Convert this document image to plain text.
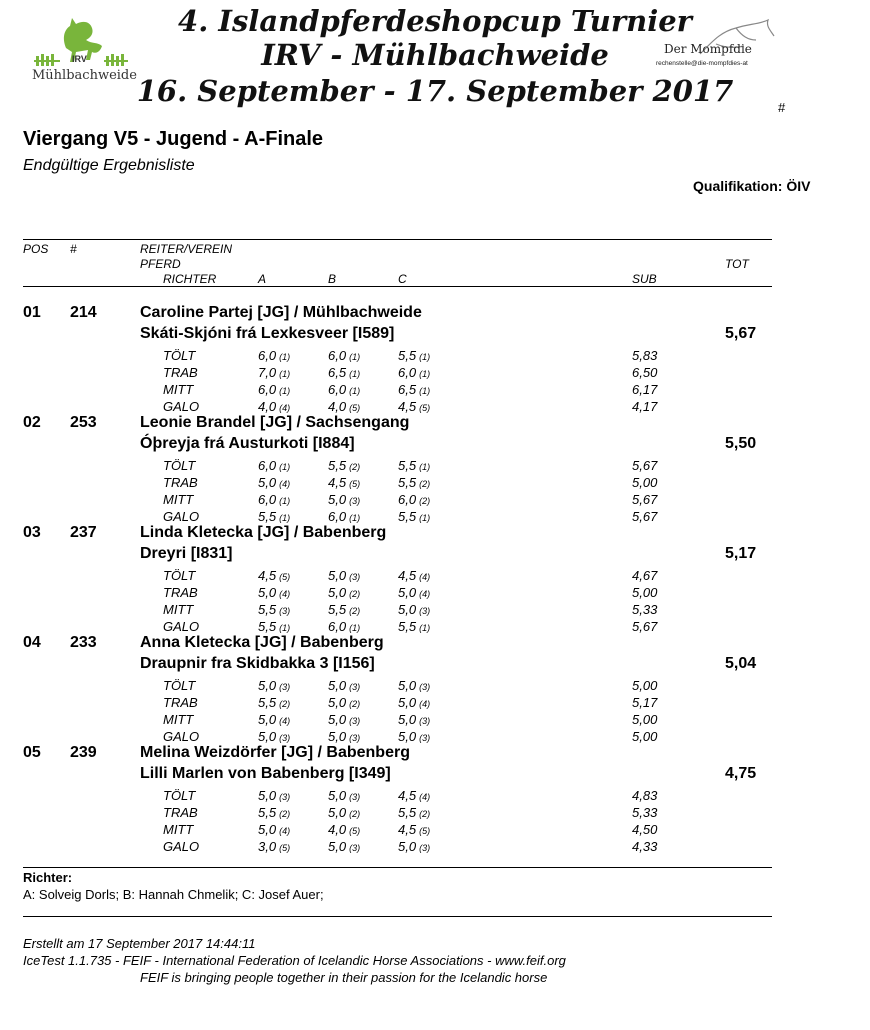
4. Islandpferdeshopcup Turnier
IRV - Mühlbachweide
16. September - 17. September 2017
IRV
Mühlbachweide
Der Mompfdie
rechenstelle@die-mompfdies-at
#
Viergang V5 - Jugend - A-Finale
Endgültige Ergebnisliste
Qualifikation: ÖIV
POS #	REITER/VEREIN
PFERD	TOT
RICHTER	A	B	C	SUB
01 214	Caroline Partej [JG] / Mühlbachweide
Skáti-Skjóni frá Lexkesveer [I589]	5,67
TÖLT	6,0 (1)	6,0 (1)	5,5 (1)	5,83
TRAB	7,0 (1)	6,5 (1)	6,0 (1)	6,50
MITT	6,0 (1)	6,0 (1)	6,5 (1)	6,17
GALO	4,0 (4)	4,0 (5)	4,5 (5)	4,17
02 253	Leonie Brandel [JG] / Sachsengang
Óþreyja frá Austurkoti [I884]	5,50
TÖLT	6,0 (1)	5,5 (2)	5,5 (1)	5,67
TRAB	5,0 (4)	4,5 (5)	5,5 (2)	5,00
MITT	6,0 (1)	5,0 (3)	6,0 (2)	5,67
GALO	5,5 (1)	6,0 (1)	5,5 (1)	5,67
03 237	Linda Kletecka [JG] / Babenberg
Dreyri [I831]	5,17
TÖLT	4,5 (5)	5,0 (3)	4,5 (4)	4,67
TRAB	5,0 (4)	5,0 (2)	5,0 (4)	5,00
MITT	5,5 (3)	5,5 (2)	5,0 (3)	5,33
GALO	5,5 (1)	6,0 (1)	5,5 (1)	5,67
04 233	Anna Kletecka [JG] / Babenberg
Draupnir fra Skidbakka 3 [I156]	5,04
TÖLT	5,0 (3)	5,0 (3)	5,0 (3)	5,00
TRAB	5,5 (2)	5,0 (2)	5,0 (4)	5,17
MITT	5,0 (4)	5,0 (3)	5,0 (3)	5,00
GALO	5,0 (3)	5,0 (3)	5,0 (3)	5,00
05 239	Melina Weizdörfer [JG] / Babenberg
Lilli Marlen von Babenberg [I349]	4,75
TÖLT	5,0 (3)	5,0 (3)	4,5 (4)	4,83
TRAB	5,5 (2)	5,0 (2)	5,5 (2)	5,33
MITT	5,0 (4)	4,0 (5)	4,5 (5)	4,50
GALO	3,0 (5)	5,0 (3)	5,0 (3)	4,33
Richter:
A: Solveig Dorls; B: Hannah Chmelik; C: Josef Auer;
Erstellt am 17 September 2017 14:44:11
IceTest 1.1.735 - FEIF - International Federation of Icelandic Horse Associations - www.feif.org
FEIF is bringing people together in their passion for the Icelandic horse
